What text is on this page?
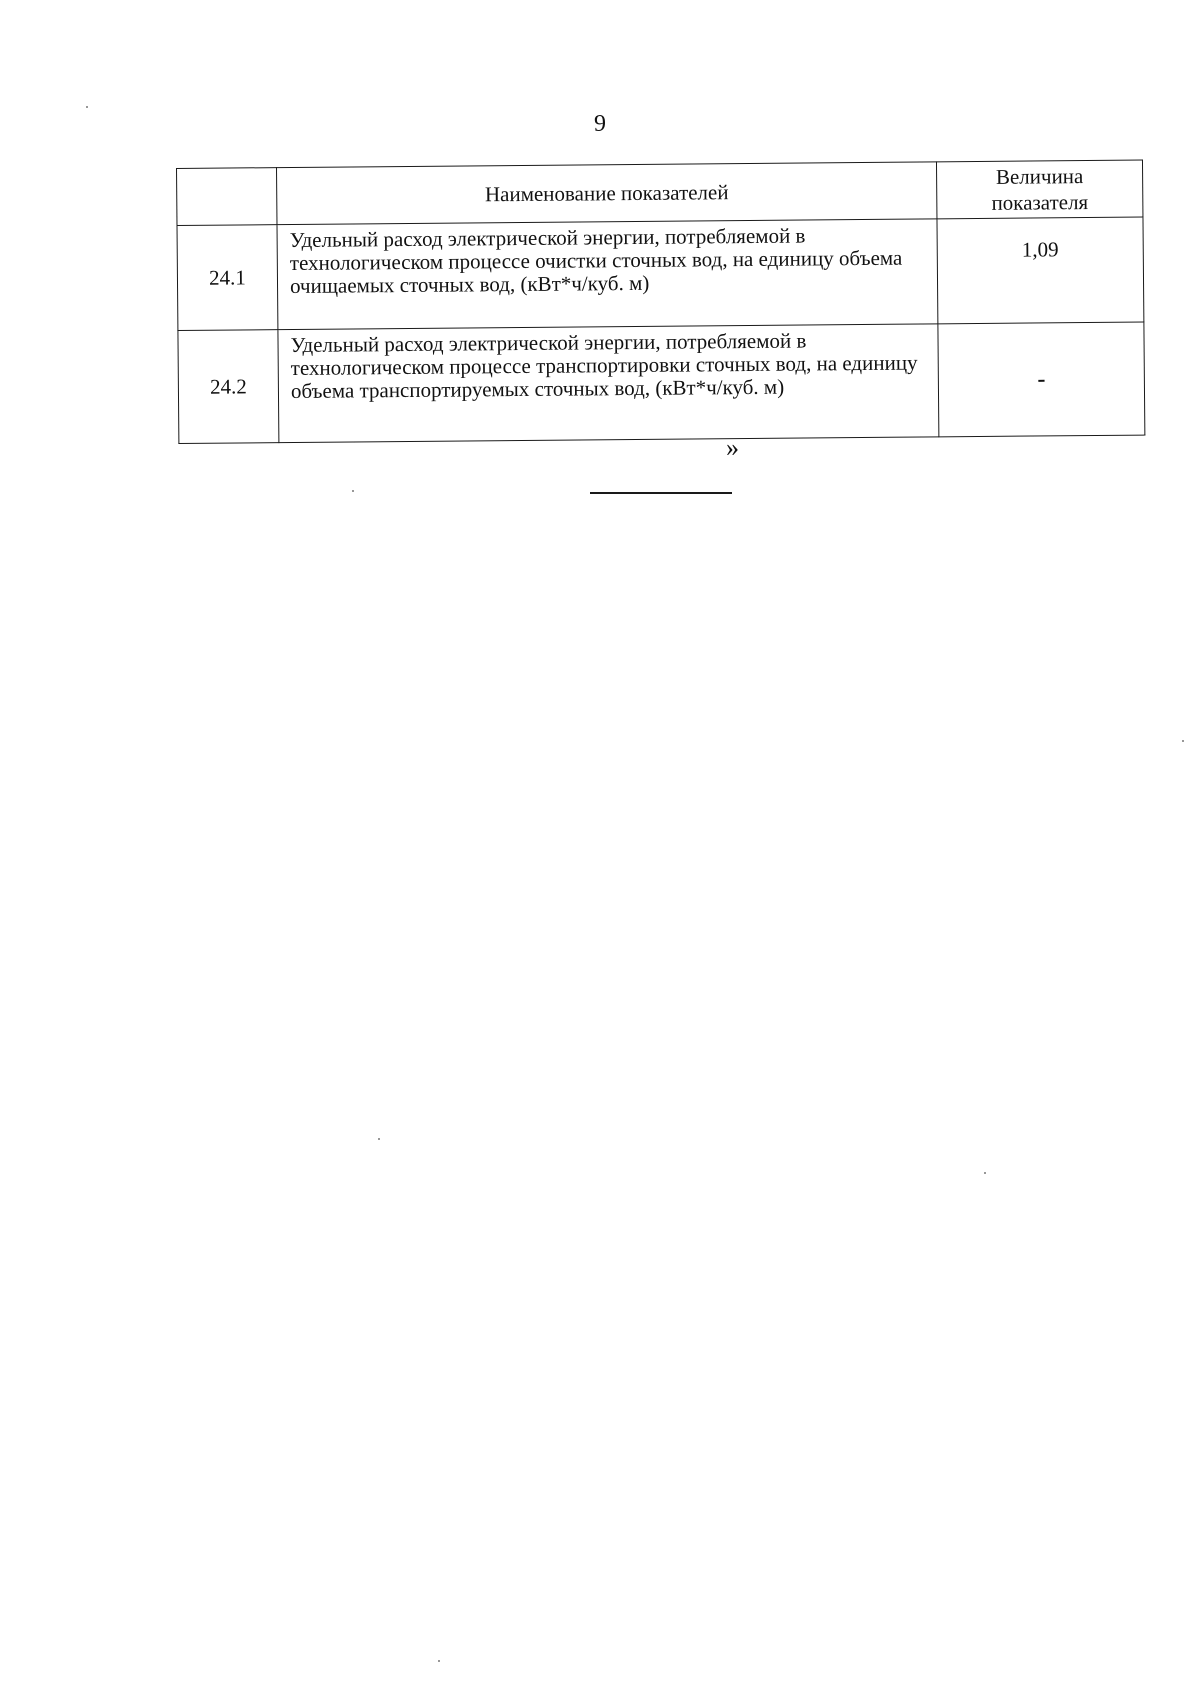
9
	Наименование показателей	Величина
показателя
24.1	Удельный расход электрической энергии, потребляемой в технологическом процессе очистки сточных вод, на единицу объема очищаемых сточных вод, (кВт*ч/куб. м)	1,09
24.2	Удельный расход электрической энергии, потребляемой в технологическом процессе транспортировки сточных вод, на единицу объема транспортируемых сточных вод, (кВт*ч/куб. м)	-
»
